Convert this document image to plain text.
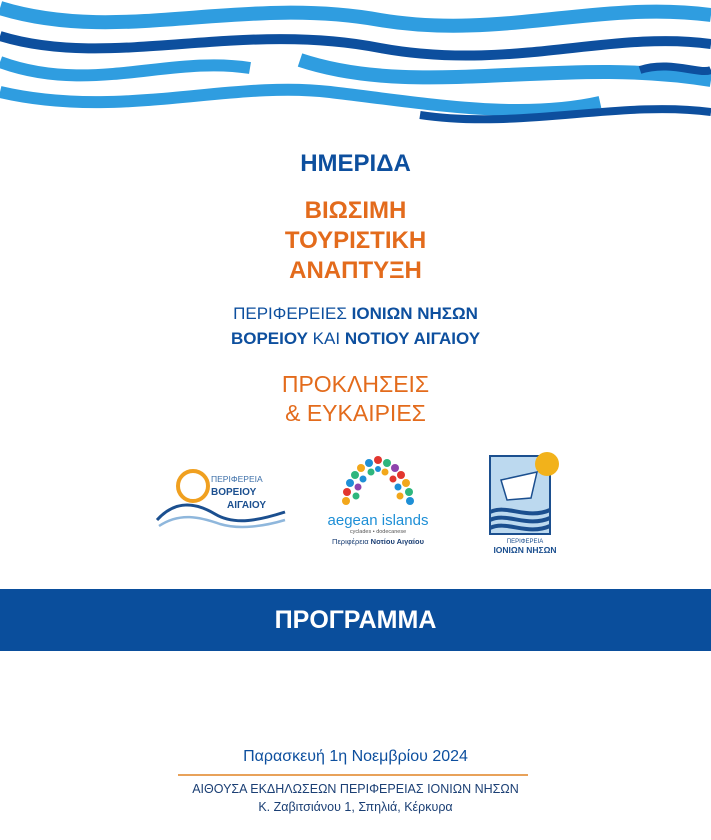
ΗΜΕΡΙΔΑ
ΒΙΩΣΙΜΗ
ΤΟΥΡΙΣΤΙΚΗ
ΑΝΑΠΤΥΞΗ
ΠΕΡΙΦΕΡΕΙΕΣ ΙΟΝΙΩΝ ΝΗΣΩΝ
ΒΟΡΕΙΟΥ ΚΑΙ ΝΟΤΙΟΥ ΑΙΓΑΙΟΥ
ΠΡΟΚΛΗΣΕΙΣ
& ΕΥΚΑΙΡΙΕΣ
ΠΕΡΙΦΕΡΕΙΑ
ΒΟΡΕΙΟΥ
ΑΙΓΑΙΟΥ
aegean islands
cyclades • dodecanese
Περιφέρεια Νοτίου Αιγαίου	ΠΕΡΙΦΕΡΕΙΑ
ΙΟΝΙΩΝ ΝΗΣΩΝ
ΠΡΟΓΡΑΜΜΑ
Παρασκευή 1η Νοεμβρίου 2024
ΑΙΘΟΥΣΑ ΕΚΔΗΛΩΣΕΩΝ ΠΕΡΙΦΕΡΕΙΑΣ ΙΟΝΙΩΝ ΝΗΣΩΝ
Κ. Ζαβιτσιάνου 1, Σπηλιά, Κέρκυρα
